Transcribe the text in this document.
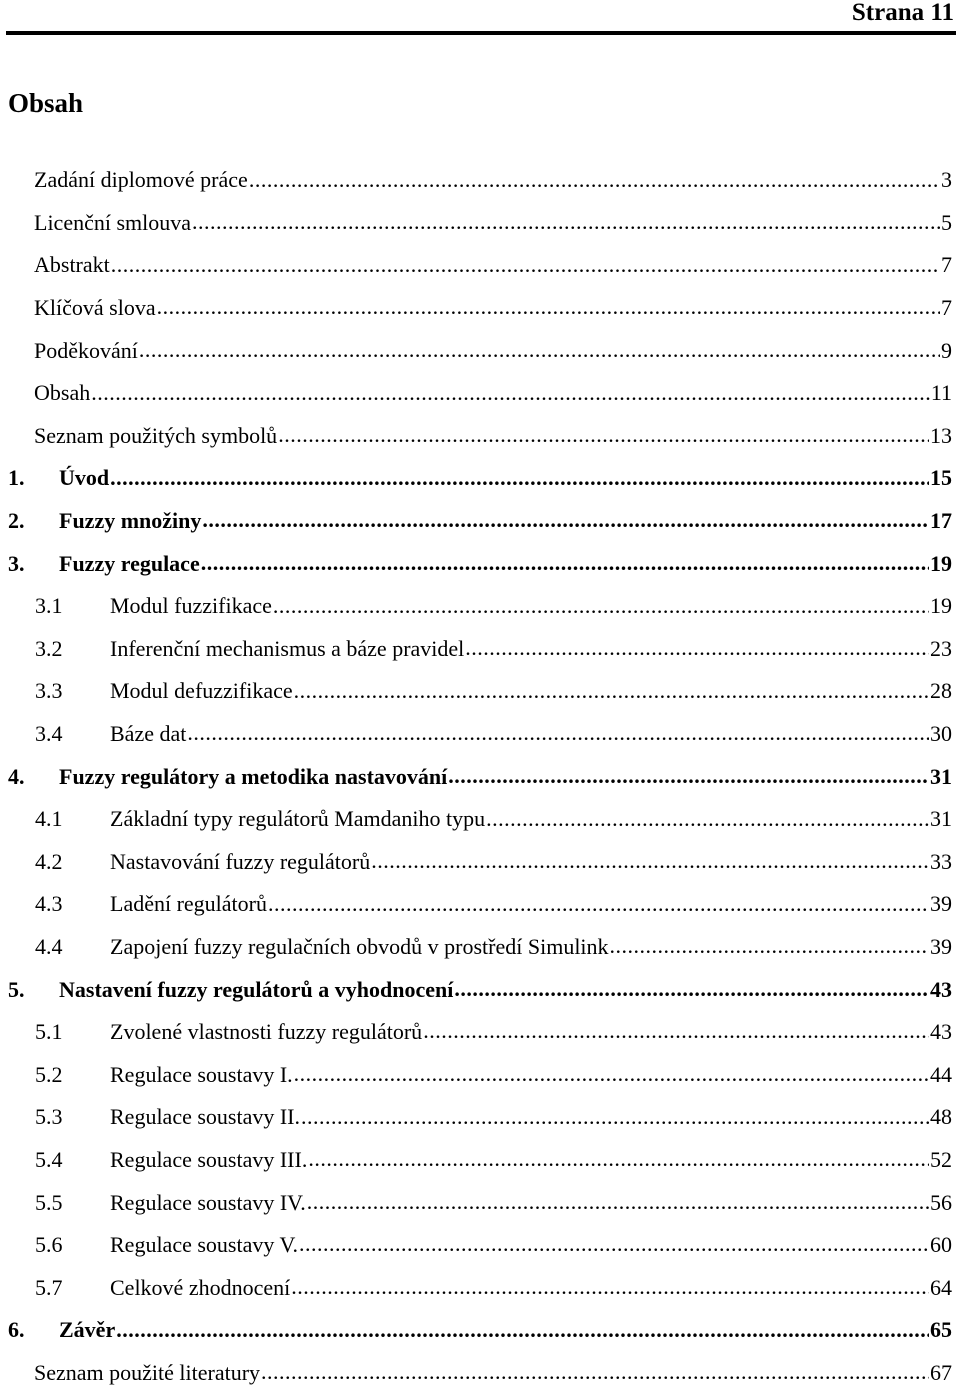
Strana 11
Obsah
Zadání diplomové práce .....	3
Licenční smlouva .....	5
Abstrakt .....	7
Klíčová slova .....	7
Poděkování .....	9
Obsah .....	11
Seznam použitých symbolů .....	13
1.	Úvod .....	15
2.	Fuzzy množiny .....	17
3.	Fuzzy regulace .....	19
3.1	Modul fuzzifikace .....	19
3.2	Inferenční mechanismus a báze pravidel .....	23
3.3	Modul defuzzifikace .....	28
3.4	Báze dat .....	30
4.	Fuzzy regulátory a metodika nastavování .....	31
4.1	Základní typy regulátorů Mamdaniho typu .....	31
4.2	Nastavování fuzzy regulátorů .....	33
4.3	Ladění regulátorů .....	39
4.4	Zapojení fuzzy regulačních obvodů v prostředí Simulink .....	39
5.	Nastavení fuzzy regulátorů a vyhodnocení .....	43
5.1	Zvolené vlastnosti fuzzy regulátorů .....	43
5.2	Regulace soustavy I. .....	44
5.3	Regulace soustavy II. .....	48
5.4	Regulace soustavy III. .....	52
5.5	Regulace soustavy IV. .....	56
5.6	Regulace soustavy V. .....	60
5.7	Celkové zhodnocení .....	64
6.	Závěr .....	65
Seznam použité literatury .....	67
